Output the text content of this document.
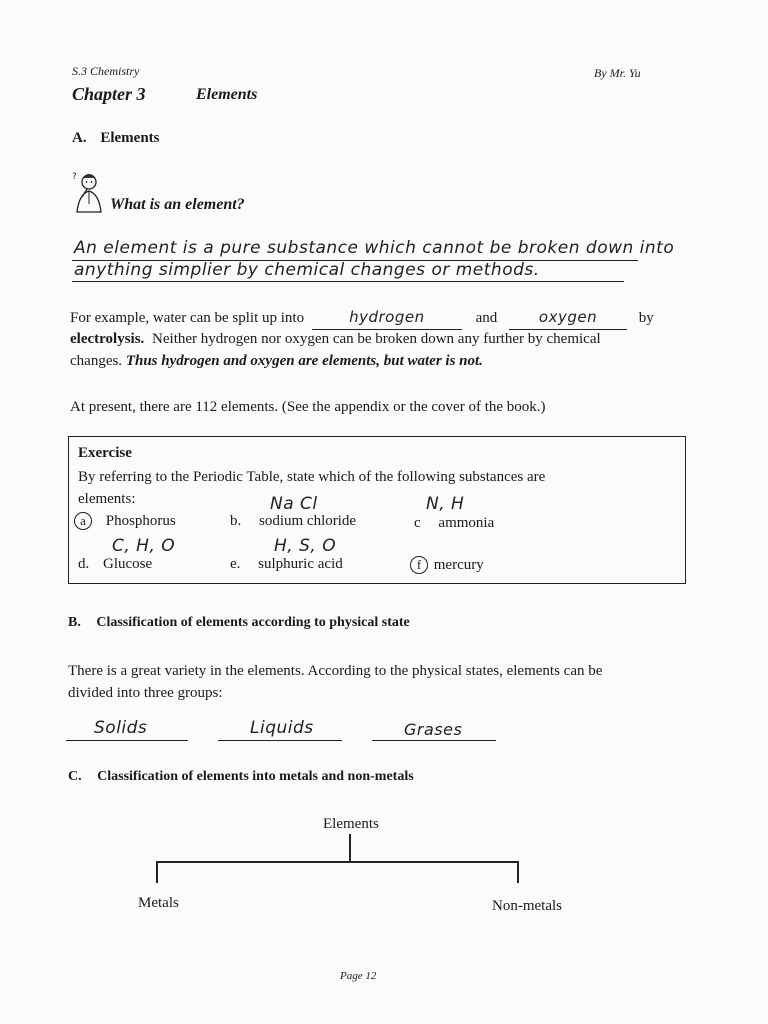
S.3 Chemistry	By Mr. Yu
Chapter 3	Elements
A. Elements
?
What is an element?
An element is a pure substance which cannot be broken down into
anything simplier by chemical changes or methods.
For example, water can be split up into	hydrogen	and	oxygen	by
electrolysis. Neither hydrogen nor oxygen can be broken down any further by chemical
changes. Thus hydrogen and oxygen are elements, but water is not.
At present, there are 112 elements. (See the appendix or the cover of the book.)
Exercise
By referring to the Periodic Table, state which of the following substances are
elements:
a Phosphorus
Na Cl
b. sodium chloride
N, H
c ammonia
C, H, O
d. Glucose
H, S, O
e. sulphuric acid	f mercury
B. Classification of elements according to physical state
There is a great variety in the elements. According to the physical states, elements can be
divided into three groups:
Solids	Liquids	Grases
C. Classification of elements into metals and non-metals
Elements
Metals	Non-metals
Page 12
